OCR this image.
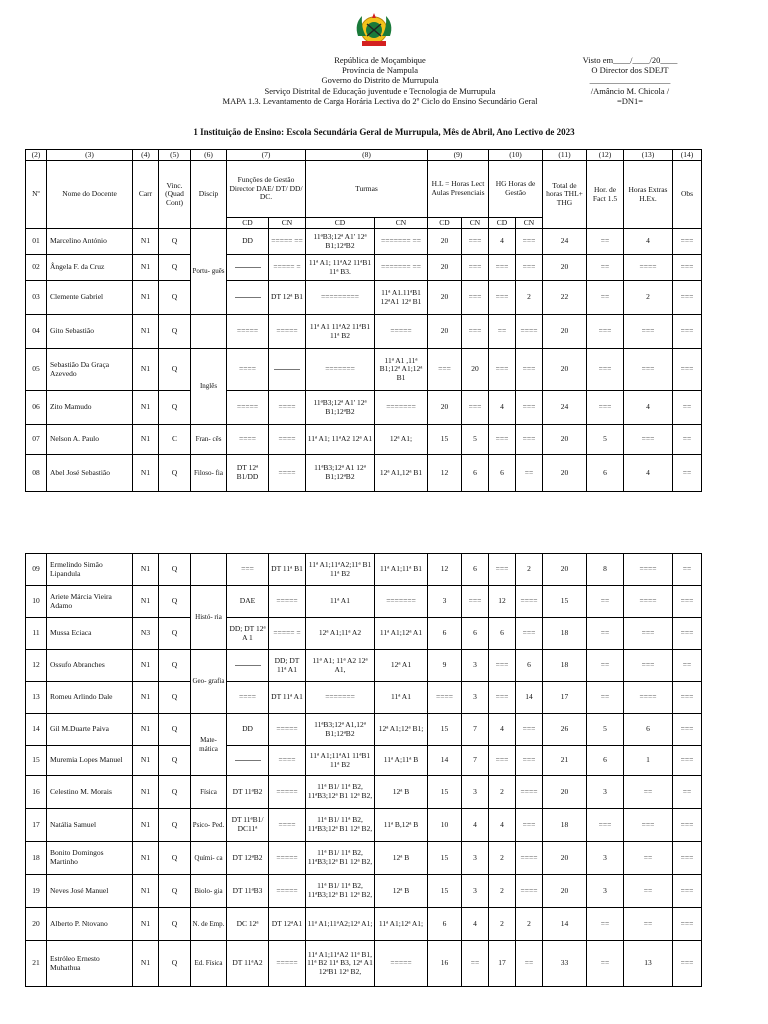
República de Moçambique
Província de Nampula
Governo do Distrito de Murrupula
Serviço Distrital de Educação juventude e Tecnologia de Murrupula
MAPA 1.3. Levantamento de Carga Horária Lectiva do 2º Ciclo do Ensino Secundário Geral
Visto em____/____/20____
O Director dos SDEJT
___________________
/Amâncio M. Chicola /
=DN1=
1 Instituição de Ensino: Escola Secundária Geral de Murrupula, Mês de Abril, Ano Lectivo de 2023
(2)	(3)	(4)	(5)	(6)	(7)		(8)		(9)		(10)		(11)	(12)	(13)	(14)
Nº	Nome do Docente	Carr	Vinc. (Quad Cont)	Discip	Funções de Gestão Director DAE/ DT/ DD/ DC.		Turmas		H.L = Horas Lect Aulas Presenciais		HG Horas de Gestão		Total de horas THL+ THG	Hor. de Fact 1.5	Horas Extras H.Ex.	Obs
					CD	CN	CD	CN	CD	CN	CD	CN				
01	Marcelino António	N1	Q	Portu- guês	DD	===== ==	11ªB3;12ª A1' 12ª B1;12ªB2	======= ==	20	===	4	===	24	==	4	===
02	Ângela F. da Cruz	N1	Q			===== =	11ª A1; 11ªA2 11ªB1 11ª B3.	======= ==	20	===	===	===	20	==	====	===
03	Clemente Gabriel	N1	Q			DT 12ª B1	=========	11ª A1.11ªB1 12ªA1 12ª B1	20	===	===	2	22	==	2	===
04	Gito Sebastião	N1	Q		=====	=====	11ª A1 11ªA2 11ªB1 11ª B2	=====	20	===	==	====	20	===	===	===
05	Sebastião Da Graça Azevedo	N1	Q	Inglês	====		=======	11ª A1 ,11ª B1;12ª A1;12ª B1	===	20	===	===	20	===	===	===
06	Zito Mamudo	N1	Q		=====	====	11ªB3;12ª A1' 12ª B1;12ªB2	=======	20	===	4	===	24	===	4	==
07	Nelson A. Paulo	N1	C	Fran- cês	====	====	11ª A1; 11ªA2 12ª A1	12ª A1;	15	5	===	===	20	5	===	==
08	Abel José Sebastião	N1	Q	Filoso- fia	DT 12ª B1/DD	====	11ªB3;12ª A1 12ª B1;12ªB2	12ª A1,12ª B1	12	6	6	==	20	6	4	==
09	Ermelindo Simão Lipandula	N1	Q		===	DT 11ª B1	11ª A1;11ªA2;11ª B1 11ª B2	11ª A1;11ª B1	12	6	===	2	20	8	====	==
10	Ariete Márcia Vieira Adamo	N1	Q	Histó- ria	DAE	=====	11ª A1	=======	3	===	12	====	15	==	====	===
11	Mussa Eciaca	N3	Q		DD; DT 12ª A 1	===== =	12ª A1;11ª A2	11ª A1;12ª A1	6	6	6	===	18	==	===	===
12	Ossufo Abranches	N1	Q	Geo- grafia		DD; DT 11ª A1	11ª A1; 11ª A2 12ª A1,	12ª A1	9	3	===	6	18	==	===	==
13	Romeu Arlindo Dale	N1	Q		====	DT 11ª A1	=======	11ª A1	====	3	===	14	17	==	====	===
14	Gil M.Duarte Paiva	N1	Q	Mate- mática	DD	=====	11ªB3;12ª A1,12ª B1;12ªB2	12ª A1;12ª B1;	15	7	4	===	26	5	6	===
15	Muremia Lopes Manuel	N1	Q			====	11ª A1;11ªA1 11ªB1 11ª B2	11ª A;11ª B	14	7	===	===	21	6	1	===
16	Celestino M. Morais	N1	Q	Física	DT 11ªB2	=====	11ª B1/ 11ª B2, 11ªB3;12ª B1 12ª B2,	12ª B	15	3	2	====	20	3	==	==
17	Natália Samuel	N1	Q	Psico- Ped.	DT 11ªB1/ DC11ª	====	11ª B1/ 11ª B2, 11ªB3;12ª B1 12ª B2,	11ª B,12ª B	10	4	4	===	18	===	===	===
18	Bonito Domingos Martinho	N1	Q	Quími- ca	DT 12ªB2	=====	11ª B1/ 11ª B2, 11ªB3;12ª B1 12ª B2,	12ª B	15	3	2	====	20	3	==	===
19	Neves José Manuel	N1	Q	Biolo- gia	DT 11ªB3	=====	11ª B1/ 11ª B2, 11ªB3;12ª B1 12ª B2,	12ª B	15	3	2	====	20	3	==	===
20	Alberto P. Ntovano	N1	Q	N. de Emp.	DC 12ª	DT 12ªA1	11ª A1;11ªA2;12ª A1;	11ª A1;12ª A1;	6	4	2	2	14	==	==	===
21	Estróleo Ernesto Muhathua	N1	Q	Ed. Física	DT 11ªA2	=====	11ª A1;11ªA2 11ª B1, 11ª B2 11ª B3, 12ª A1 12ªB1 12ª B2,	=====	16	==	17	==	33	==	13	===
